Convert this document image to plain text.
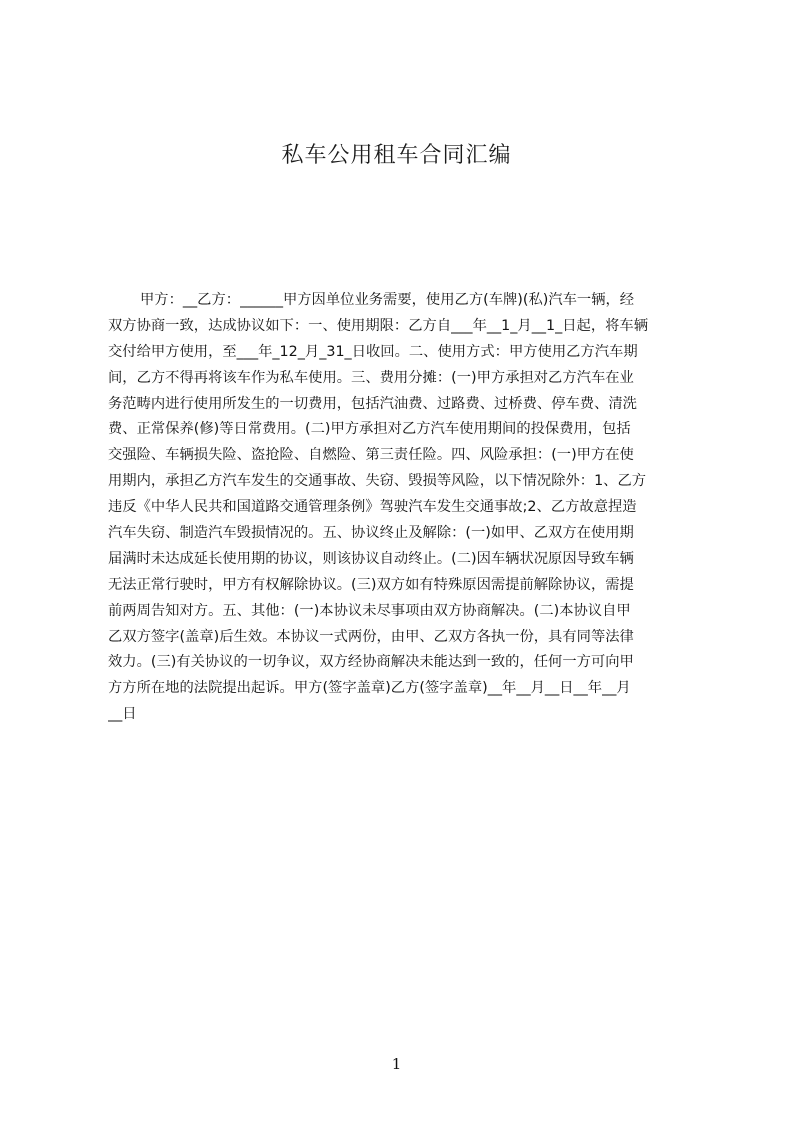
私车公用租车合同汇编
甲方：__乙方：______甲方因单位业务需要，使用乙方(车牌)(私)汽车一辆，经
双方协商一致，达成协议如下：一、使用期限：乙方自___年__1_月__1_日起，将车辆
交付给甲方使用，至___年_12_月_31_日收回。二、使用方式：甲方使用乙方汽车期
间，乙方不得再将该车作为私车使用。三、费用分摊：(一)甲方承担对乙方汽车在业
务范畴内进行使用所发生的一切费用，包括汽油费、过路费、过桥费、停车费、清洗
费、正常保养(修)等日常费用。(二)甲方承担对乙方汽车使用期间的投保费用，包括
交强险、车辆损失险、盗抢险、自燃险、第三责任险。四、风险承担：(一)甲方在使
用期内，承担乙方汽车发生的交通事故、失窃、毁损等风险，以下情况除外：1、乙方
违反《中华人民共和国道路交通管理条例》驾驶汽车发生交通事故;2、乙方故意捏造
汽车失窃、制造汽车毁损情况的。五、协议终止及解除：(一)如甲、乙双方在使用期
届满时未达成延长使用期的协议，则该协议自动终止。(二)因车辆状况原因导致车辆
无法正常行驶时，甲方有权解除协议。(三)双方如有特殊原因需提前解除协议，需提
前两周告知对方。五、其他：(一)本协议未尽事项由双方协商解决。(二)本协议自甲
乙双方签字(盖章)后生效。本协议一式两份，由甲、乙双方各执一份，具有同等法律
效力。(三)有关协议的一切争议，双方经协商解决未能达到一致的，任何一方可向甲
方方所在地的法院提出起诉。甲方(签字盖章)乙方(签字盖章)__年__月__日__年__月
__日
1
